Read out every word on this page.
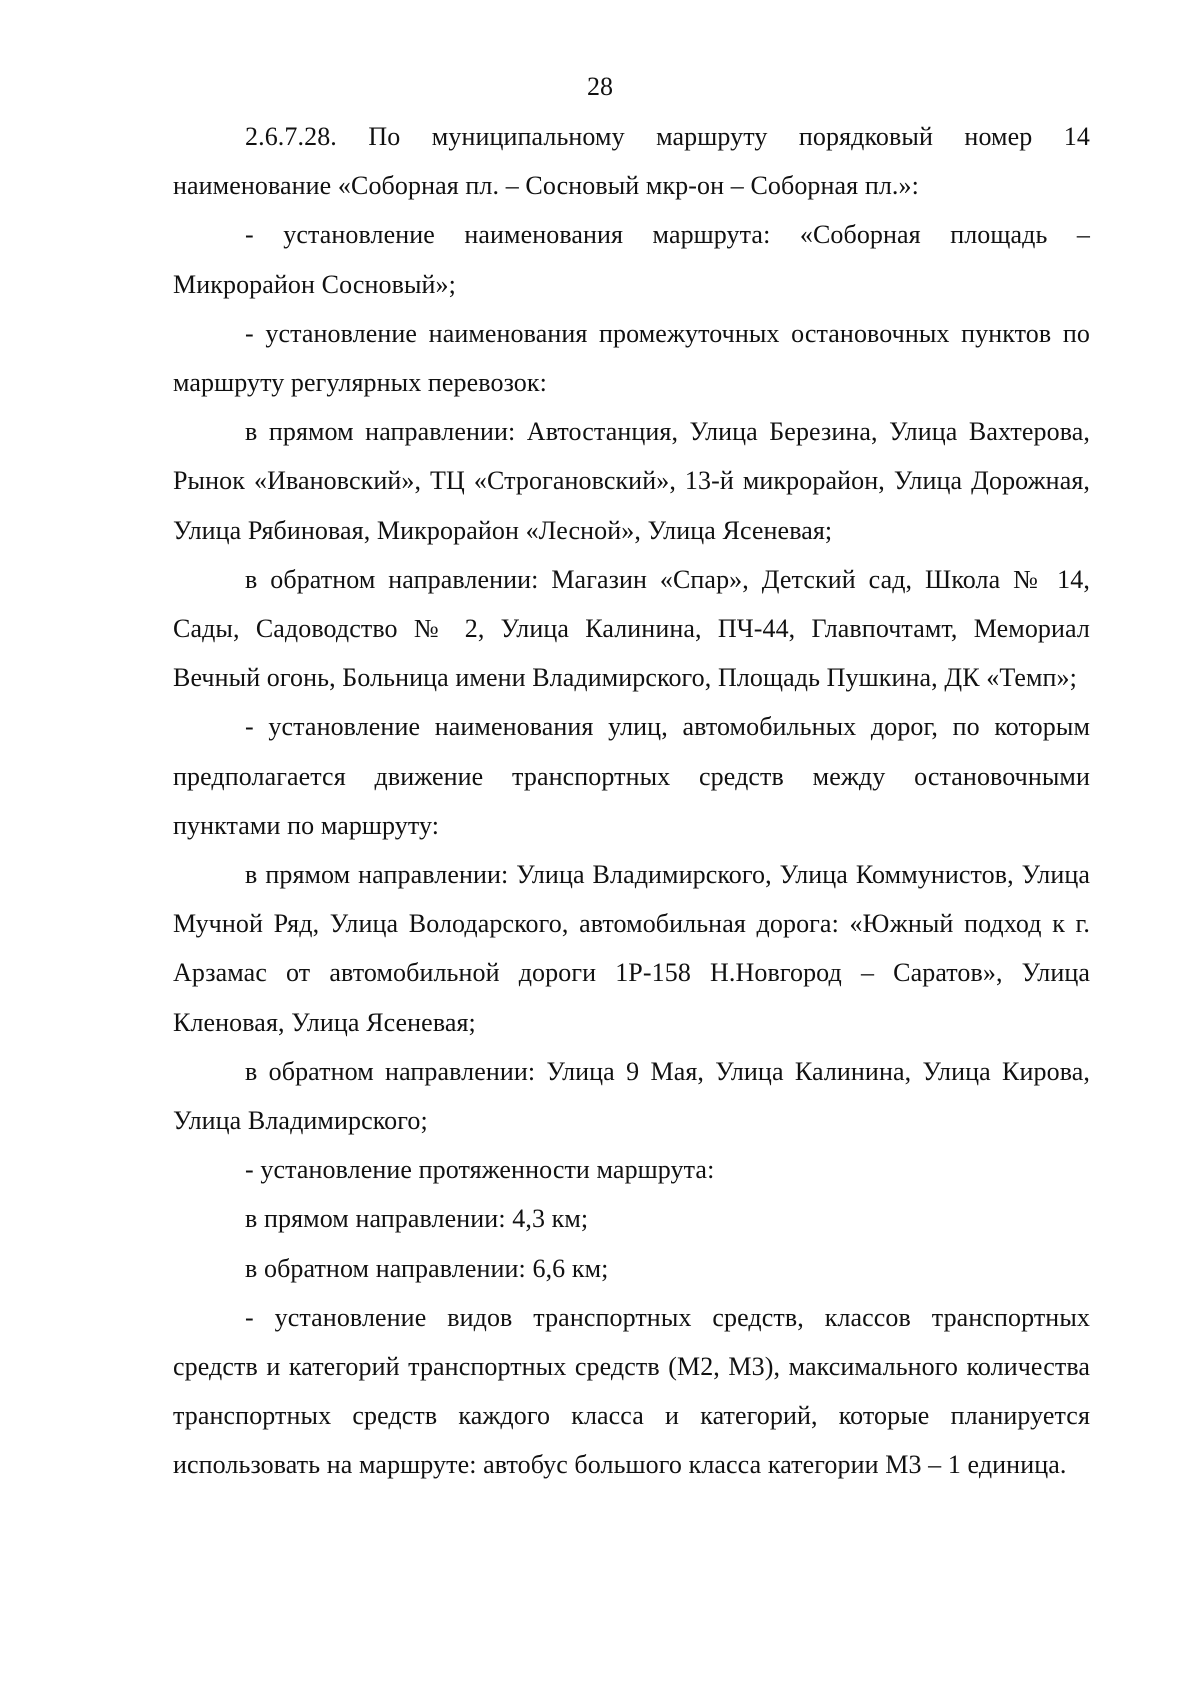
28

2.6.7.28. По муниципальному маршруту порядковый номер 14 наименование «Соборная пл. – Сосновый мкр-он – Соборная пл.»:

- установление наименования маршрута: «Соборная площадь – Микрорайон Сосновый»;

- установление наименования промежуточных остановочных пунктов по маршруту регулярных перевозок:

в прямом направлении: Автостанция, Улица Березина, Улица Вахтерова, Рынок «Ивановский», ТЦ «Строгановский», 13-й микрорайон, Улица Дорожная, Улица Рябиновая, Микрорайон «Лесной», Улица Ясеневая;

в обратном направлении: Магазин «Спар», Детский сад, Школа № 14, Сады, Садоводство № 2, Улица Калинина, ПЧ-44, Главпочтамт, Мемориал Вечный огонь, Больница имени Владимирского, Площадь Пушкина, ДК «Темп»;

- установление наименования улиц, автомобильных дорог, по которым предполагается движение транспортных средств между остановочными пунктами по маршруту:

в прямом направлении: Улица Владимирского, Улица Коммунистов, Улица Мучной Ряд, Улица Володарского, автомобильная дорога: «Южный подход к г. Арзамас от автомобильной дороги 1Р-158 Н.Новгород – Саратов», Улица Кленовая, Улица Ясеневая;

в обратном направлении: Улица 9 Мая, Улица Калинина, Улица Кирова, Улица Владимирского;

- установление протяженности маршрута:

в прямом направлении: 4,3 км;

в обратном направлении: 6,6 км;

- установление видов транспортных средств, классов транспортных средств и категорий транспортных средств (М2, М3), максимального количества транспортных средств каждого класса и категорий, которые планируется использовать на маршруте: автобус большого класса категории М3 – 1 единица.
